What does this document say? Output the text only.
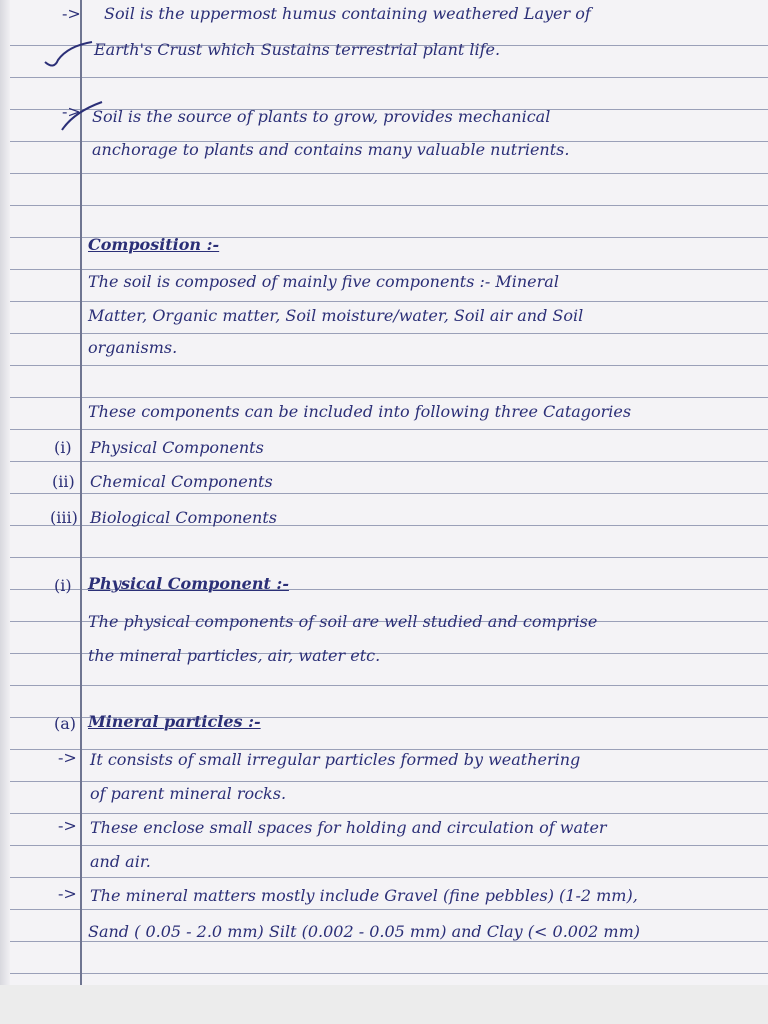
-> Soil is the uppermost humus containing weathered Layer of
Earth's Crust which Sustains terrestrial plant life.
-> Soil is the source of plants to grow, provides mechanical
anchorage to plants and contains many valuable nutrients.
Composition :-
The soil is composed of mainly five components :- Mineral
Matter, Organic matter, Soil moisture/water, Soil air and Soil
organisms.
These components can be included into following three Catagories
(i) Physical Components
(ii) Chemical Components
(iii) Biological Components
(i) Physical Component :-
The physical components of soil are well studied and comprise
the mineral particles, air, water etc.
(a) Mineral particles :-
-> It consists of small irregular particles formed by weathering
of parent mineral rocks.
-> These enclose small spaces for holding and circulation of water
and air.
-> The mineral matters mostly include Gravel (fine pebbles) (1-2 mm),
Sand ( 0.05 - 2.0 mm) Silt (0.002 - 0.05 mm) and Clay (< 0.002 mm)
